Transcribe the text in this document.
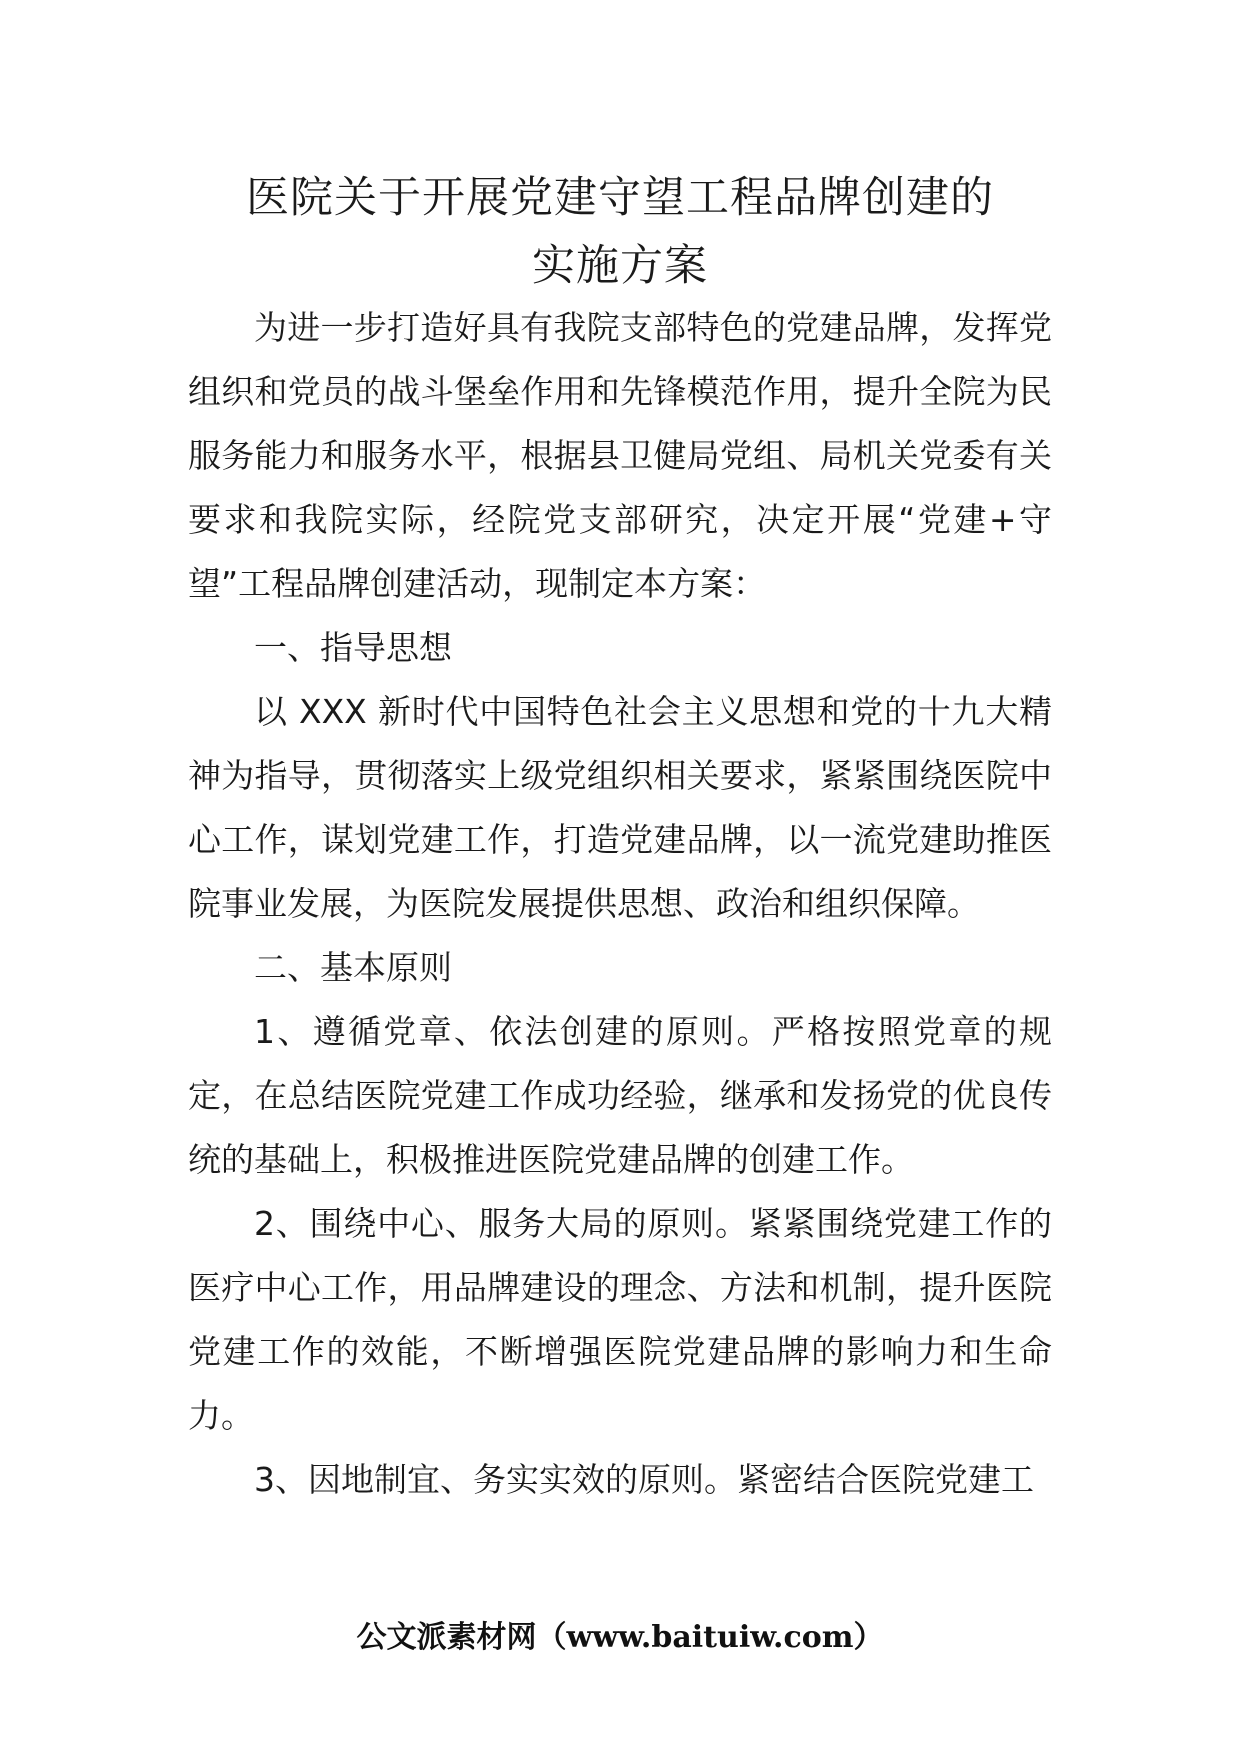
医院关于开展党建守望工程品牌创建的
实施方案

为进一步打造好具有我院支部特色的党建品牌，发挥党组织和党员的战斗堡垒作用和先锋模范作用，提升全院为民服务能力和服务水平，根据县卫健局党组、局机关党委有关要求和我院实际，经院党支部研究，决定开展“党建+守望”工程品牌创建活动，现制定本方案：

一、指导思想

以 XXX 新时代中国特色社会主义思想和党的十九大精神为指导，贯彻落实上级党组织相关要求，紧紧围绕医院中心工作，谋划党建工作，打造党建品牌，以一流党建助推医院事业发展，为医院发展提供思想、政治和组织保障。

二、基本原则

1、遵循党章、依法创建的原则。严格按照党章的规定，在总结医院党建工作成功经验，继承和发扬党的优良传统的基础上，积极推进医院党建品牌的创建工作。

2、围绕中心、服务大局的原则。紧紧围绕党建工作的医疗中心工作，用品牌建设的理念、方法和机制，提升医院党建工作的效能，不断增强医院党建品牌的影响力和生命力。

3、因地制宜、务实实效的原则。紧密结合医院党建工

公文派素材网（www.baituiw.com）
